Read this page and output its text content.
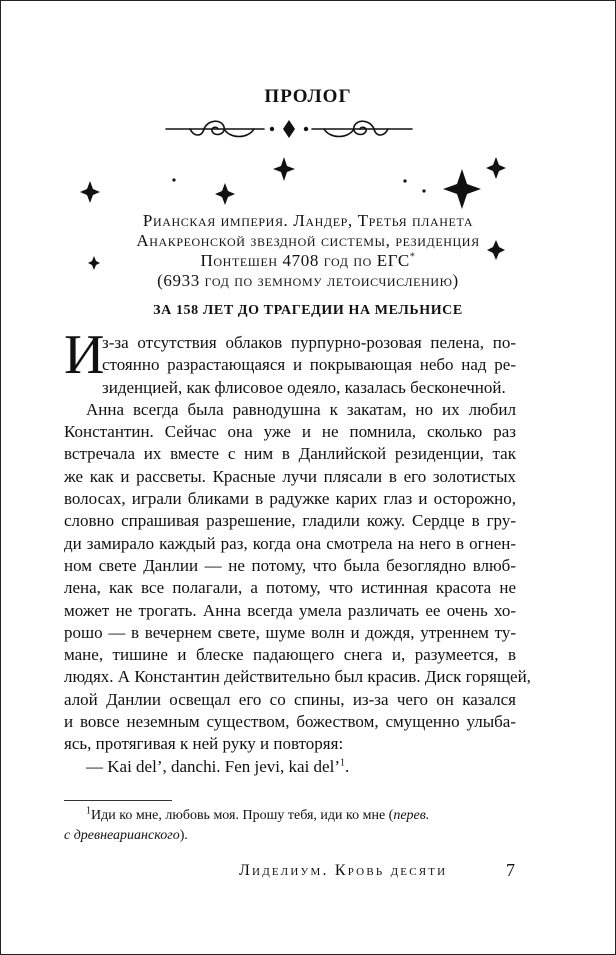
ПРОЛОГ
Рианская империя. Ландер, Третья планета
Анакреонской звездной системы, резиденция
Понтешен 4708 год по ЕГС*
(6933 год по земному летоисчислению)
ЗА 158 ЛЕТ ДО ТРАГЕДИИ НА МЕЛЬНИСЕ
И
з-за отсутствия облаков пурпурно-розовая пелена, по-
стоянно разрастающаяся и покрывающая небо над ре-
зиденцией, как флисовое одеяло, казалась бесконечной.
Анна всегда была равнодушна к закатам, но их любил
Константин. Сейчас она уже и не помнила, сколько раз
встречала их вместе с ним в Данлийской резиденции, так
же как и рассветы. Красные лучи плясали в его золотистых
волосах, играли бликами в радужке карих глаз и осторожно,
словно спрашивая разрешение, гладили кожу. Сердце в гру-
ди замирало каждый раз, когда она смотрела на него в огнен-
ном свете Данлии — не потому, что была безоглядно влюб-
лена, как все полагали, а потому, что истинная красота не
может не трогать. Анна всегда умела различать ее очень хо-
рошо — в вечернем свете, шуме волн и дождя, утреннем ту-
мане, тишине и блеске падающего снега и, разумеется, в
людях. А Константин действительно был красив. Диск горящей,
алой Данлии освещал его со спины, из-за чего он казался
и вовсе неземным существом, божеством, смущенно улыба-
ясь, протягивая к ней руку и повторяя:
— Kai del’, danchi. Fen jevi, kai del’$^1$.
$^1$Иди ко мне, любовь моя. Прошу тебя, иди ко мне (перев.
с древнеарианского).
Лиделиум. Кровь десяти	7
